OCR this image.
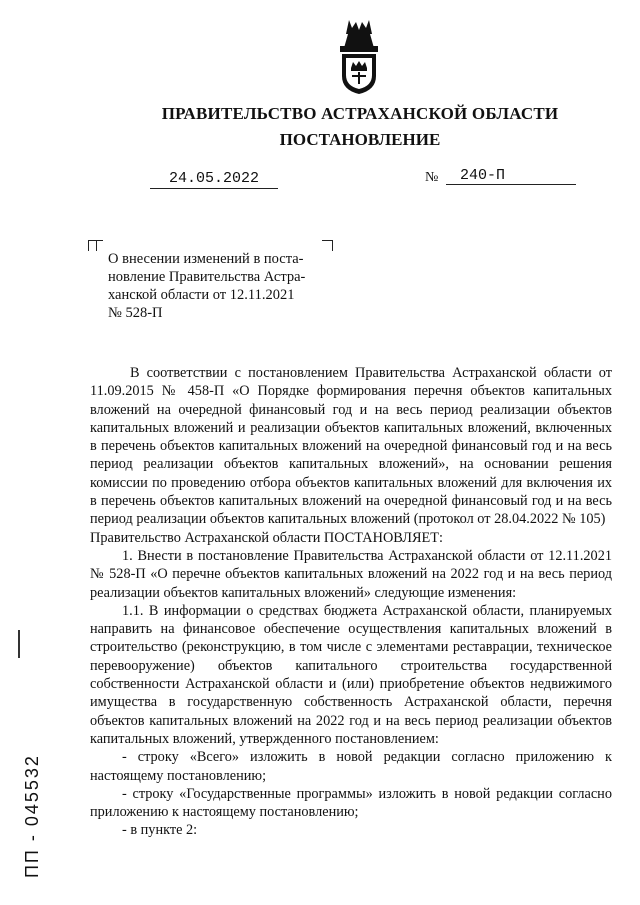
ПРАВИТЕЛЬСТВО АСТРАХАНСКОЙ ОБЛАСТИ
ПОСТАНОВЛЕНИЕ
24.05.2022	№	240-П
О внесении изменений в поста-
новление Правительства Астра-
ханской области от 12.11.2021
№ 528-П
В соответствии с постановлением Правительства Астраханской области от 11.09.2015 № 458-П «О Порядке формирования перечня объектов капитальных вложений на очередной финансовый год и на весь период реализации объектов капитальных вложений и реализации объектов капитальных вложений, включенных в перечень объектов капитальных вложений на очередной финансовый год и на весь период реализации объектов капитальных вложений», на основании решения комиссии по проведению отбора объектов капитальных вложений для включения их в перечень объектов капитальных вложений на очередной финансовый год и на весь период реализации объектов капитальных вложений (протокол от 28.04.2022 № 105)
Правительство Астраханской области ПОСТАНОВЛЯЕТ:
1. Внести в постановление Правительства Астраханской области от 12.11.2021 № 528-П «О перечне объектов капитальных вложений на 2022 год и на весь период реализации объектов капитальных вложений» следующие изменения:
1.1. В информации о средствах бюджета Астраханской области, планируемых направить на финансовое обеспечение осуществления капитальных вложений в строительство (реконструкцию, в том числе с элементами реставрации, техническое перевооружение) объектов капитального строительства государственной собственности Астраханской области и (или) приобретение объектов недвижимого имущества в государственную собственность Астраханской области, перечня объектов капитальных вложений на 2022 год и на весь период реализации объектов капитальных вложений, утвержденного постановлением:
- строку «Всего» изложить в новой редакции согласно приложению к настоящему постановлению;
- строку «Государственные программы» изложить в новой редакции согласно приложению к настоящему постановлению;
- в пункте 2:
ПП - 045532
